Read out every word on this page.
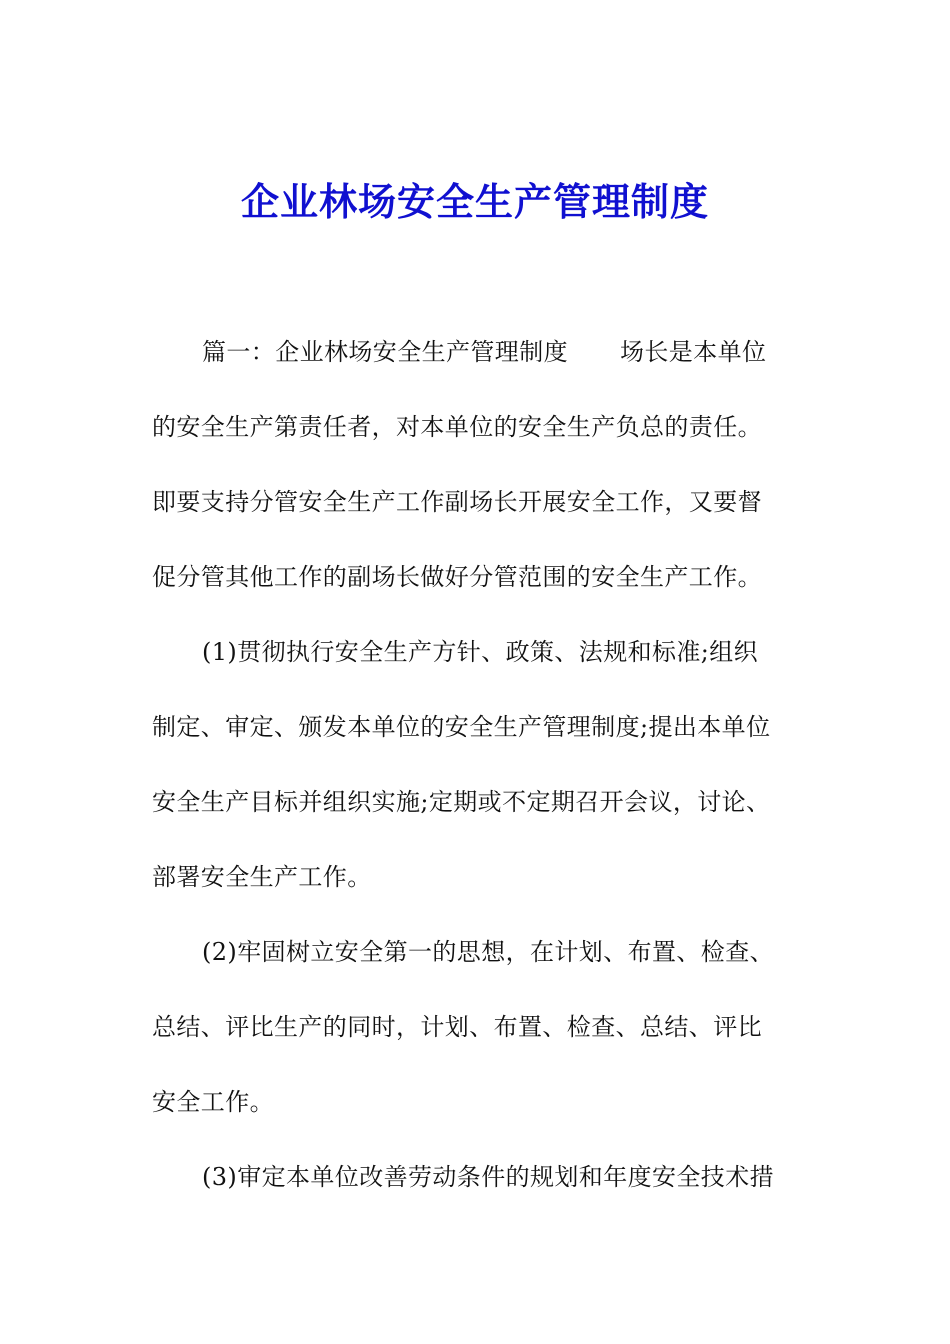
企业林场安全生产管理制度
篇一：企业林场安全生产管理制度 场长是本单位
的安全生产第责任者，对本单位的安全生产负总的责任。
即要支持分管安全生产工作副场长开展安全工作，又要督
促分管其他工作的副场长做好分管范围的安全生产工作。
(1)贯彻执行安全生产方针、政策、法规和标准;组织
制定、审定、颁发本单位的安全生产管理制度;提出本单位
安全生产目标并组织实施;定期或不定期召开会议，讨论、
部署安全生产工作。
(2)牢固树立安全第一的思想，在计划、布置、检查、
总结、评比生产的同时，计划、布置、检查、总结、评比
安全工作。
(3)审定本单位改善劳动条件的规划和年度安全技术措
